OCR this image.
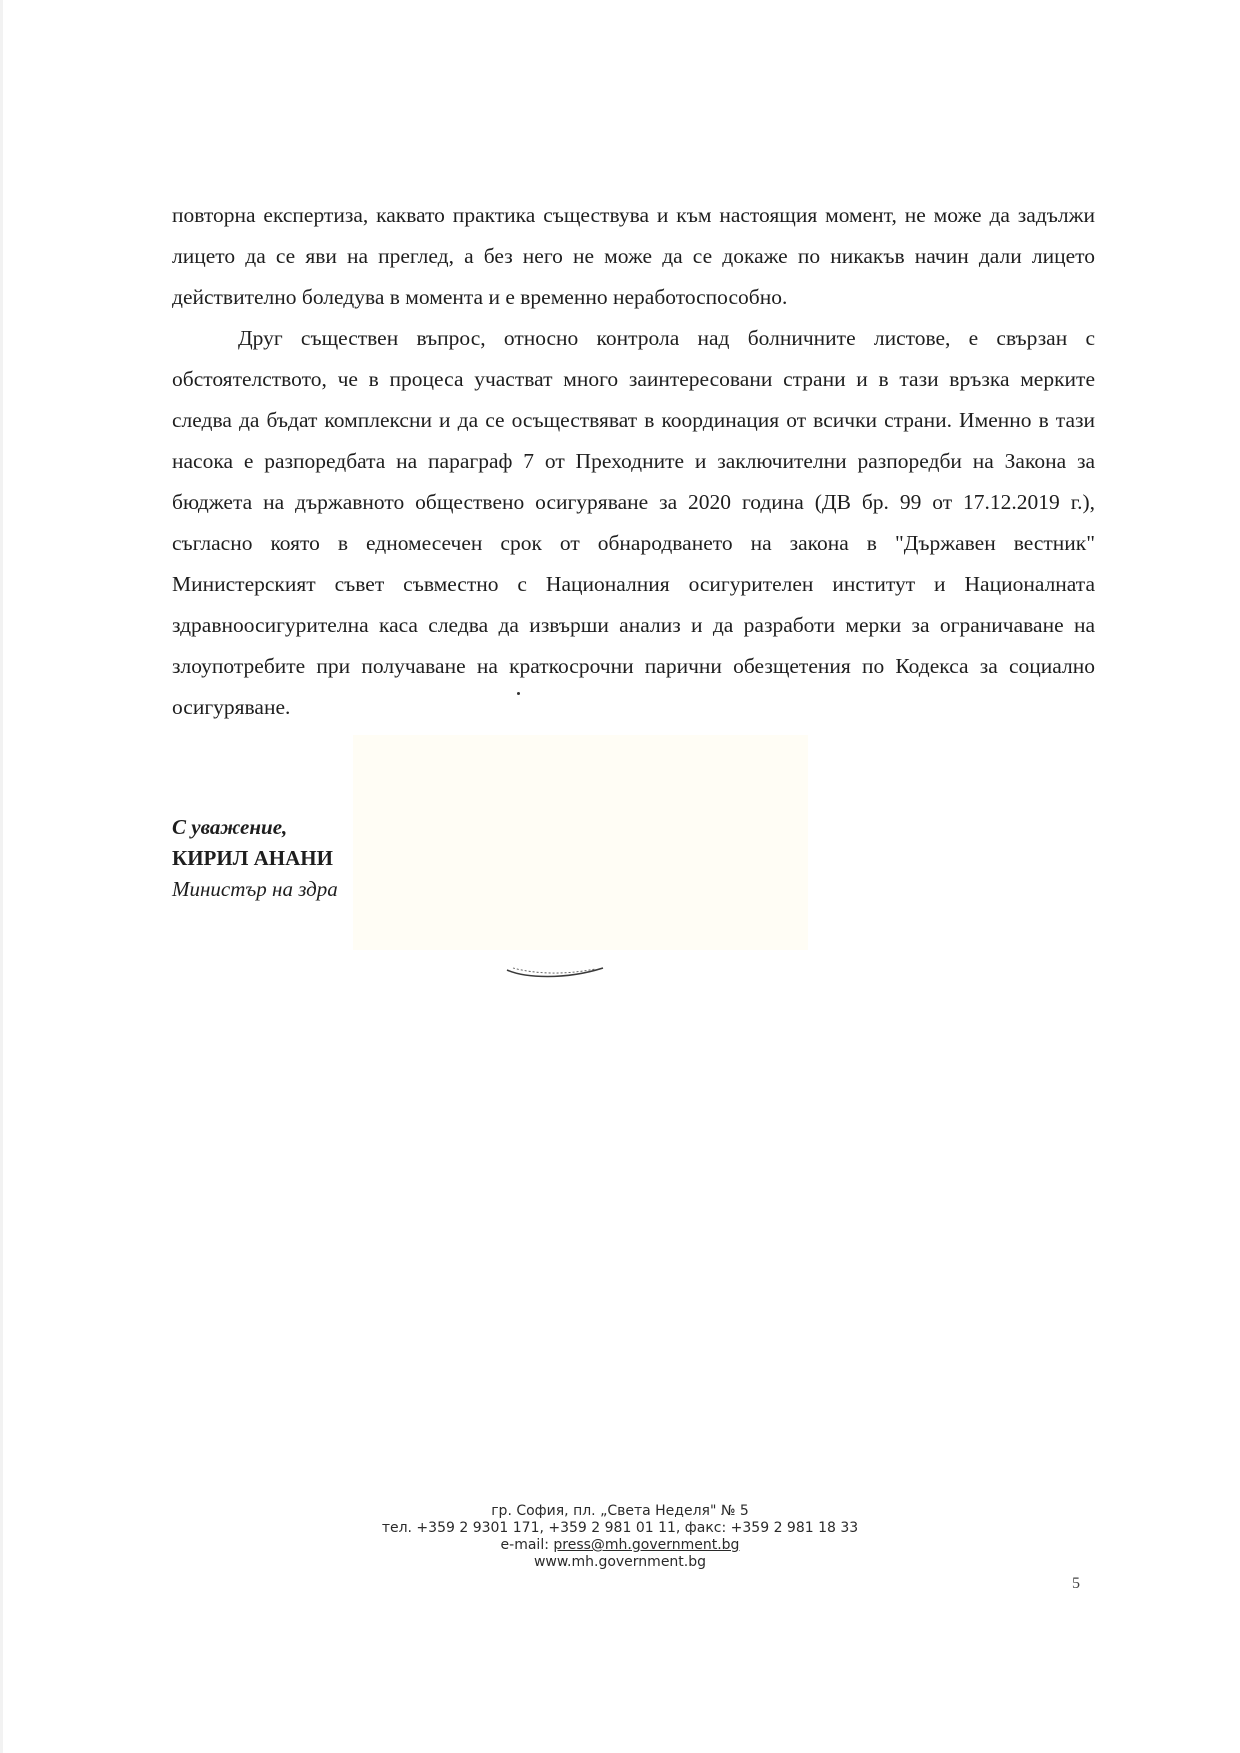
повторна експертиза, каквато практика съществува и към настоящия момент, не може да задължи лицето да се яви на преглед, а без него не може да се докаже по никакъв начин дали лицето действително боледува в момента и е временно неработоспособно.

Друг съществен въпрос, относно контрола над болничните листове, е свързан с обстоятелството, че в процеса участват много заинтересовани страни и в тази връзка мерките следва да бъдат комплексни и да се осъществяват в координация от всички страни. Именно в тази насока е разпоредбата на параграф 7 от Преходните и заключителни разпоредби на Закона за бюджета на държавното обществено осигуряване за 2020 година (ДВ бр. 99 от 17.12.2019 г.), съгласно която в едномесечен срок от обнародването на закона в "Държавен вестник" Министерският съвет съвместно с Националния осигурителен институт и Националната здравноосигурителна каса следва да извърши анализ и да разработи мерки за ограничаване на злоупотребите при получаване на краткосрочни парични обезщетения по Кодекса за социално осигуряване.

С уважение,
КИРИЛ АНАНИ
Министър на здра
гр. София, пл. „Света Неделя" № 5
тел. +359 2 9301 171, +359 2 981 01 11, факс: +359 2 981 18 33
e-mail: press@mh.government.bg
www.mh.government.bg
5
